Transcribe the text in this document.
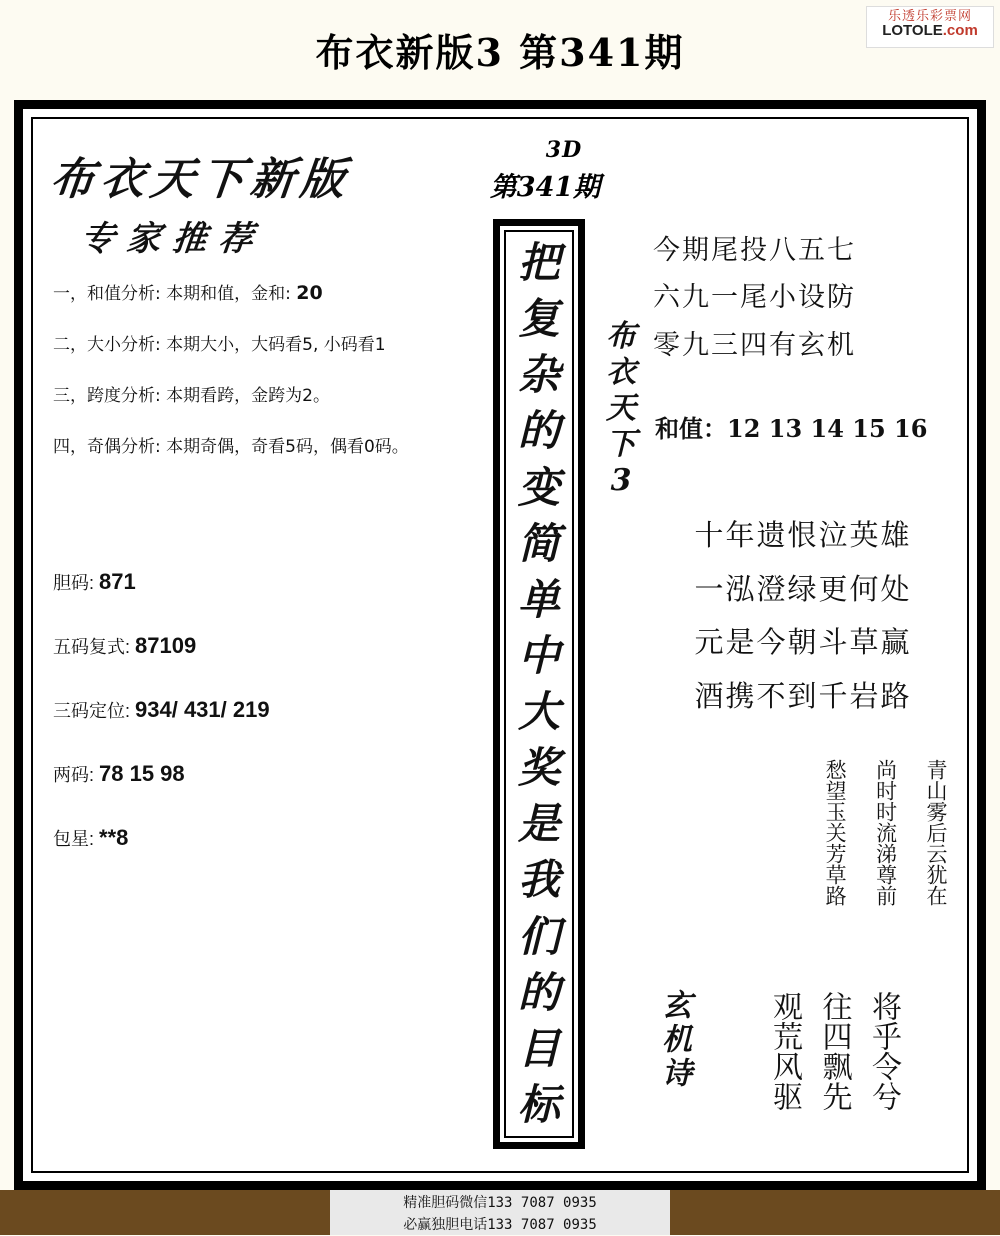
乐透乐彩票网
LOTOLE.com
布衣新版3 第341期
布衣天下新版
专家推荐
一，和值分析: 本期和值，金和: 20
二，大小分析: 本期大小，大码看5, 小码看1
三，跨度分析: 本期看跨，金跨为2。
四，奇偶分析: 本期奇偶，奇看5码，偶看0码。
胆码: 871
五码复式: 87109
三码定位: 934/ 431/ 219
两码: 78 15 98
包星: **8
3D
第341期
把
复
杂
的
变
简
单
中
大
奖
是
我
们
的
目
标
布
衣
天
下
3
今期尾投八五七
六九一尾小设防
零九三四有玄机
和值：12 13 14 15 16
十年遗恨泣英雄
一泓澄绿更何处
元是今朝斗草赢
酒携不到千岩路
青山雾后云犹在
尚时时流涕尊前
愁望玉关芳草路
玄机诗	将乎令兮
往四飘先
观荒风驱
精准胆码微信133 7087 0935
必赢独胆电话133 7087 0935
